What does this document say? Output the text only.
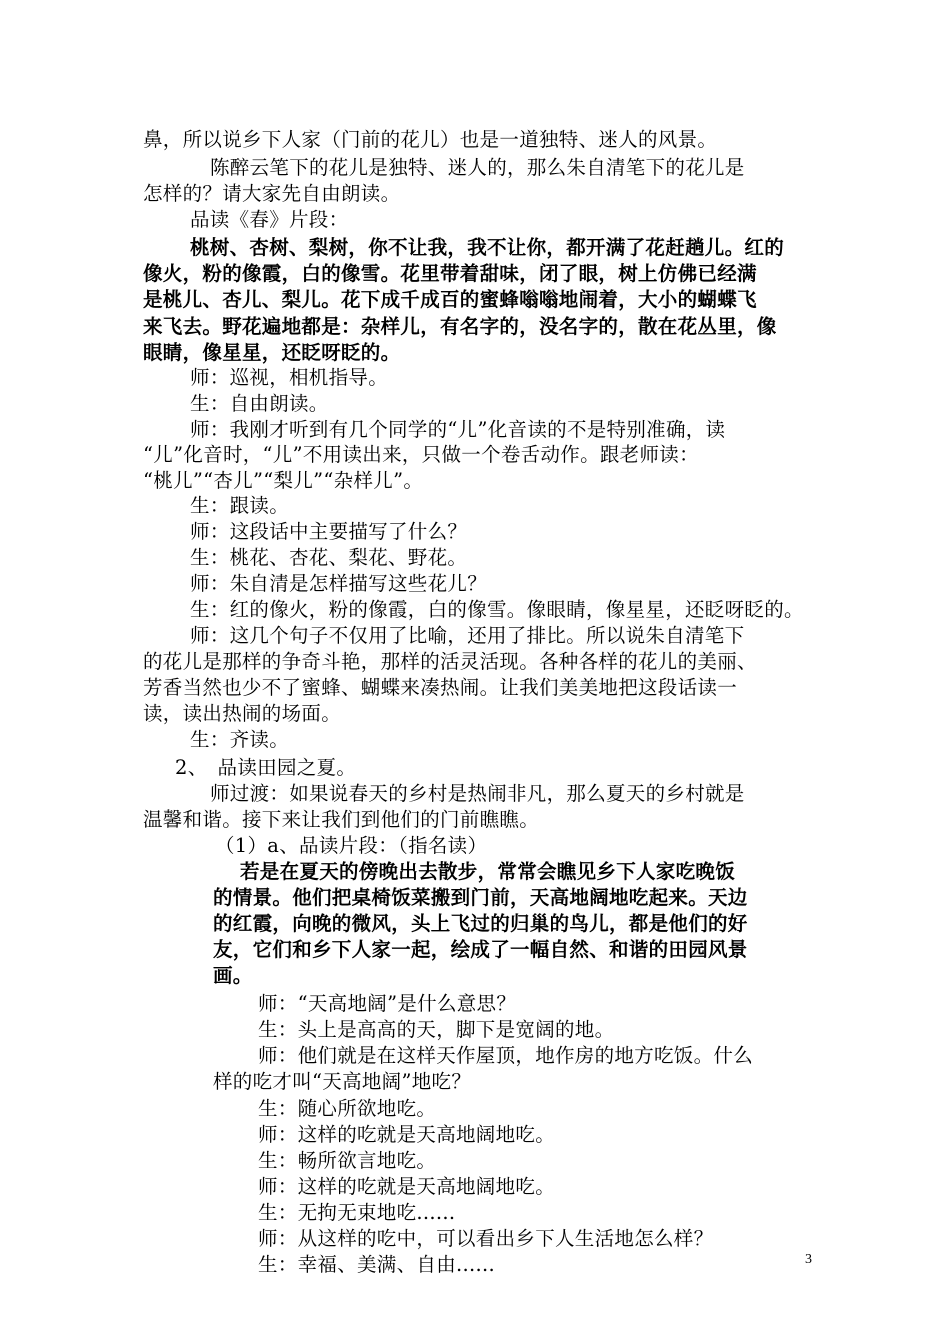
鼻，所以说乡下人家（门前的花儿）也是一道独特、迷人的风景。
陈醉云笔下的花儿是独特、迷人的，那么朱自清笔下的花儿是
怎样的？请大家先自由朗读。
品读《春》片段：
桃树、杏树、梨树，你不让我，我不让你，都开满了花赶趟儿。红的
像火，粉的像霞，白的像雪。花里带着甜味，闭了眼，树上仿佛已经满
是桃儿、杏儿、梨儿。花下成千成百的蜜蜂嗡嗡地闹着，大小的蝴蝶飞
来飞去。野花遍地都是：杂样儿，有名字的，没名字的，散在花丛里，像
眼睛，像星星，还眨呀眨的。
师：巡视，相机指导。
生：自由朗读。
师：我刚才听到有几个同学的“儿”化音读的不是特别准确，读
“儿”化音时，“儿”不用读出来，只做一个卷舌动作。跟老师读：
“桃儿”“杏儿”“梨儿”“杂样儿”。
生：跟读。
师：这段话中主要描写了什么？
生：桃花、杏花、梨花、野花。
师：朱自清是怎样描写这些花儿？
生：红的像火，粉的像霞，白的像雪。像眼睛，像星星，还眨呀眨的。
师：这几个句子不仅用了比喻，还用了排比。所以说朱自清笔下
的花儿是那样的争奇斗艳，那样的活灵活现。各种各样的花儿的美丽、
芳香当然也少不了蜜蜂、蝴蝶来凑热闹。让我们美美地把这段话读一
读，读出热闹的场面。
生：齐读。
2、　品读田园之夏。
师过渡：如果说春天的乡村是热闹非凡，那么夏天的乡村就是
温馨和谐。接下来让我们到他们的门前瞧瞧。
（1）a、品读片段：（指名读）
若是在夏天的傍晚出去散步，常常会瞧见乡下人家吃晚饭
的情景。他们把桌椅饭菜搬到门前，天高地阔地吃起来。天边
的红霞，向晚的微风，头上飞过的归巢的鸟儿，都是他们的好
友，它们和乡下人家一起，绘成了一幅自然、和谐的田园风景
画。
师：“天高地阔”是什么意思？
生：头上是高高的天，脚下是宽阔的地。
师：他们就是在这样天作屋顶，地作房的地方吃饭。什么
样的吃才叫“天高地阔”地吃？
生：随心所欲地吃。
师：这样的吃就是天高地阔地吃。
生：畅所欲言地吃。
师：这样的吃就是天高地阔地吃。
生：无拘无束地吃......
师：从这样的吃中，可以看出乡下人生活地怎么样？
生：幸福、美满、自由......	3
